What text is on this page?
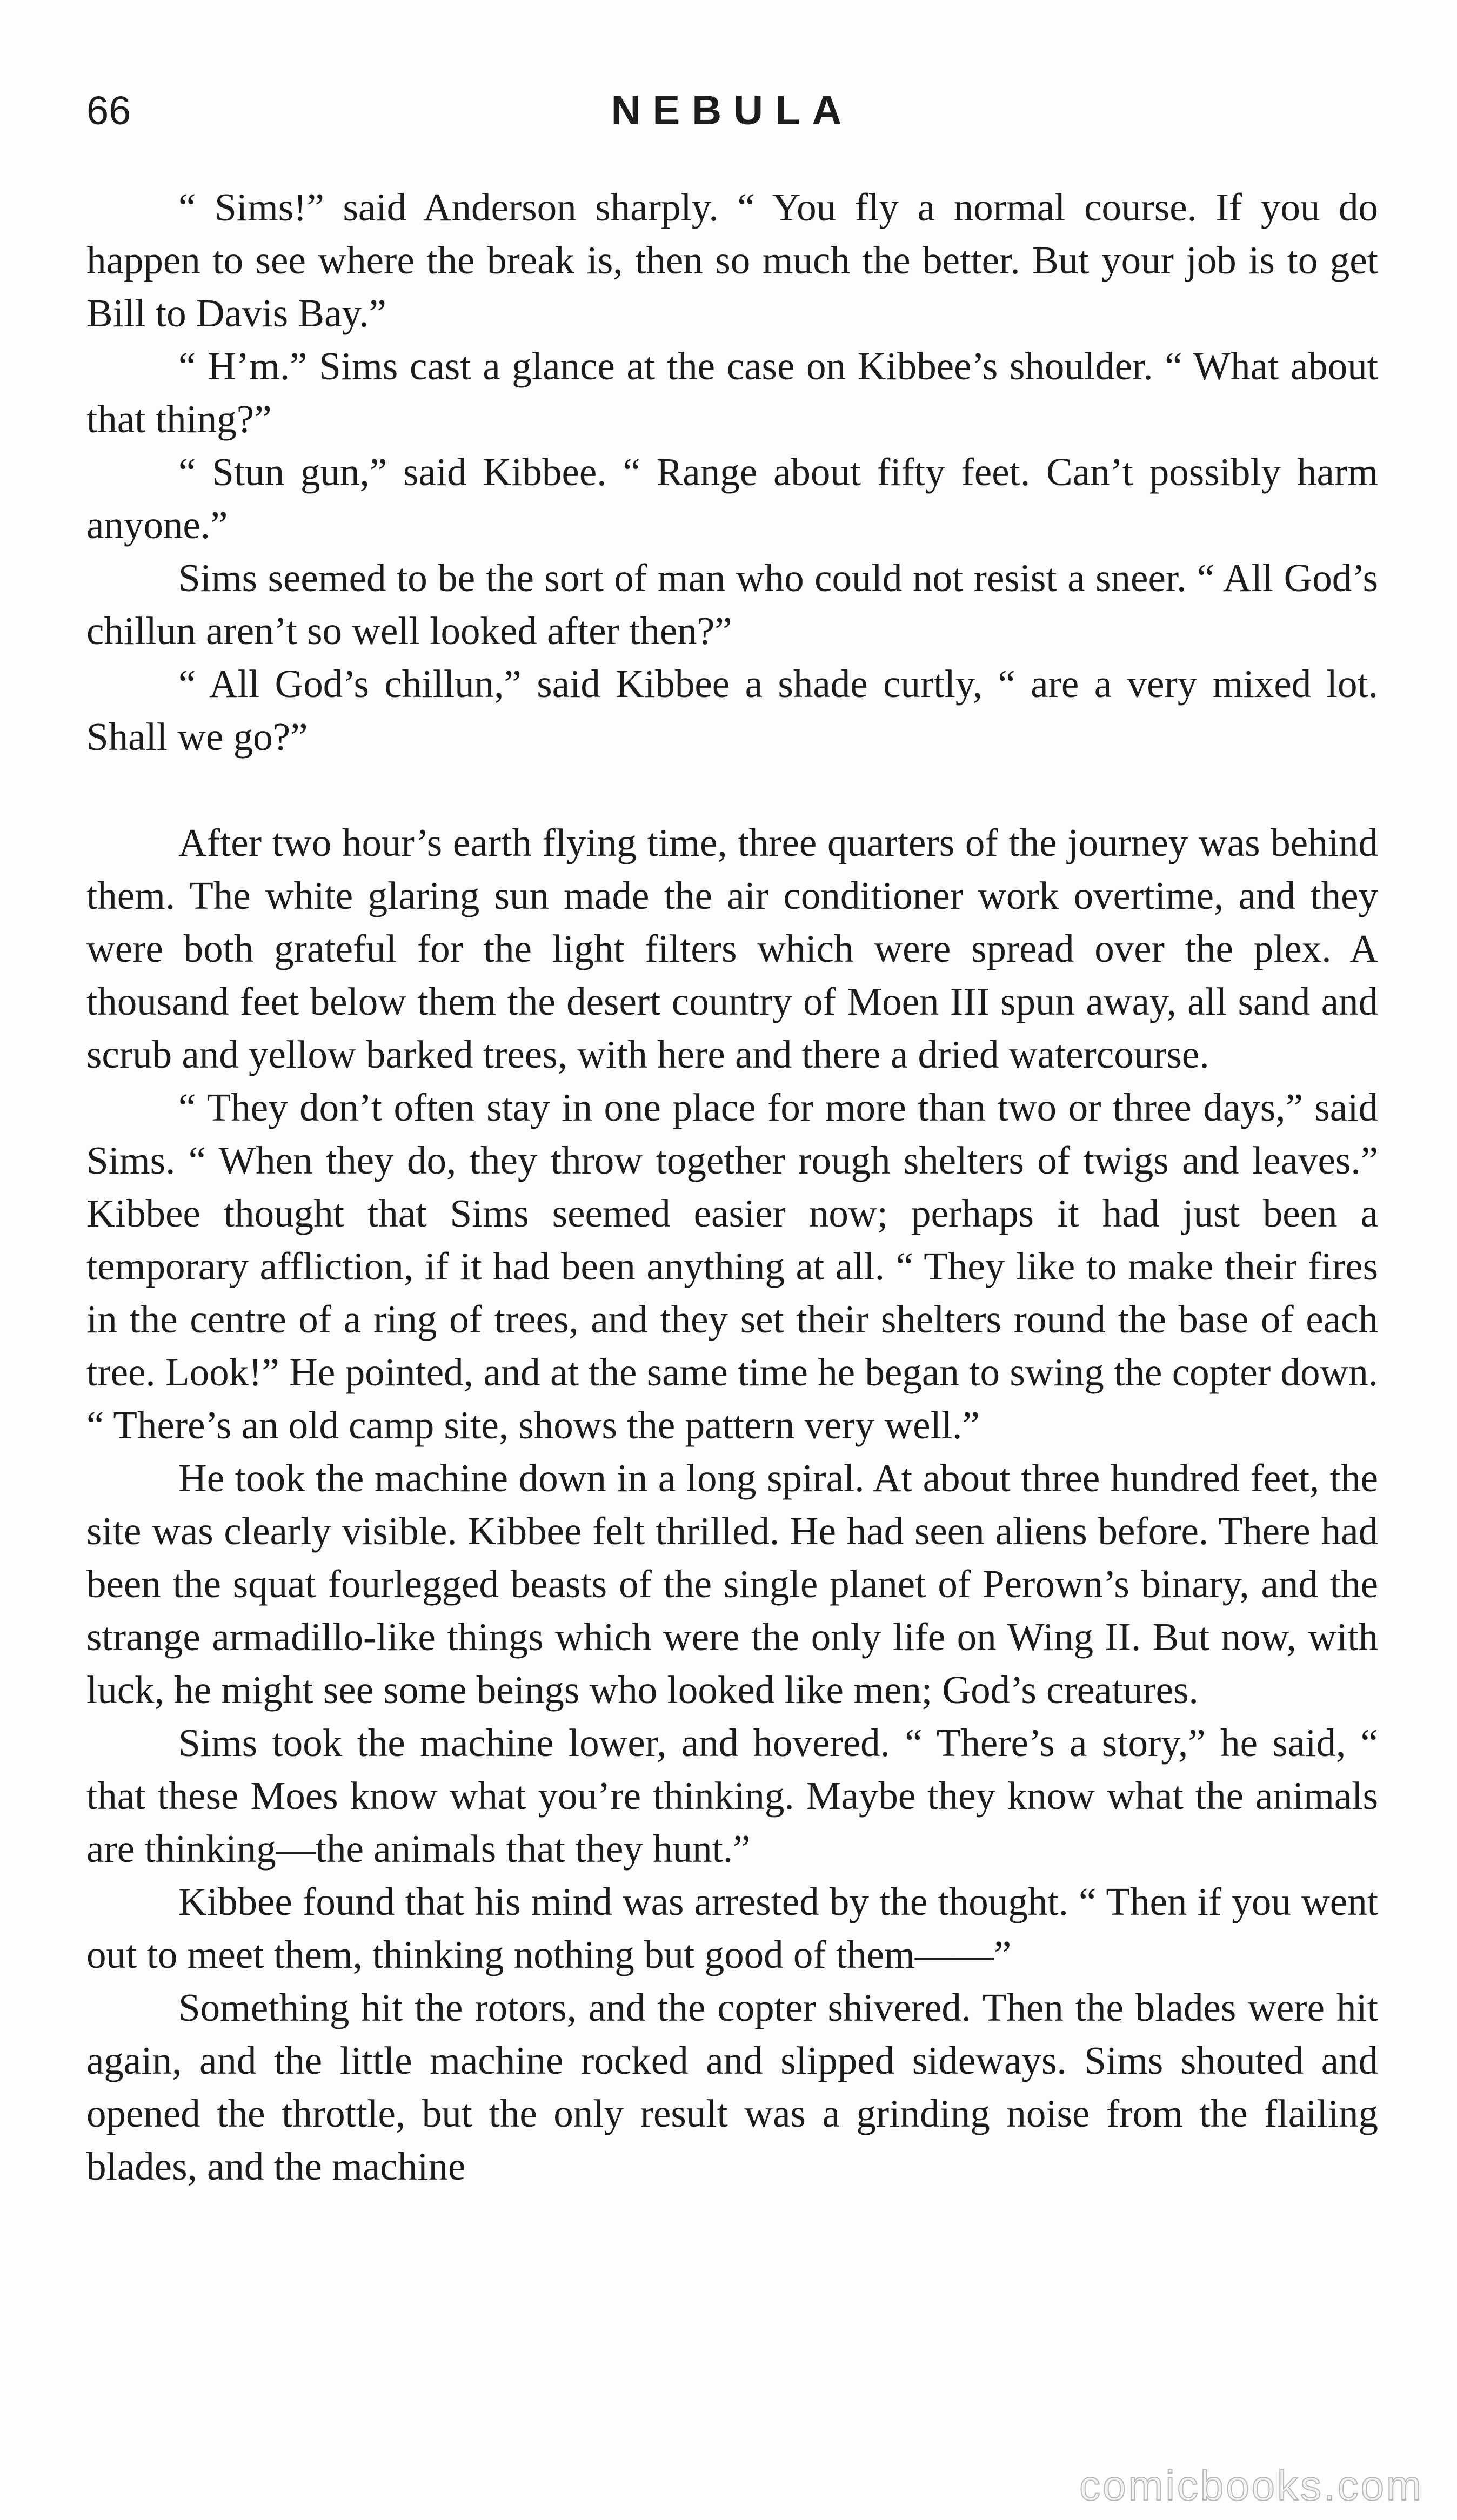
66	NEBULA

“ Sims!” said Anderson sharply. “ You fly a normal course. If you do happen to see where the break is, then so much the better. But your job is to get Bill to Davis Bay.”

“ H’m.” Sims cast a glance at the case on Kibbee’s shoulder. “ What about that thing?”

“ Stun gun,” said Kibbee. “ Range about fifty feet. Can’t possibly harm anyone.”

Sims seemed to be the sort of man who could not resist a sneer. “ All God’s chillun aren’t so well looked after then?”

“ All God’s chillun,” said Kibbee a shade curtly, “ are a very mixed lot. Shall we go?”

After two hour’s earth flying time, three quarters of the journey was behind them. The white glaring sun made the air conditioner work overtime, and they were both grateful for the light filters which were spread over the plex. A thousand feet below them the desert country of Moen III spun away, all sand and scrub and yellow barked trees, with here and there a dried watercourse.

“ They don’t often stay in one place for more than two or three days,” said Sims. “ When they do, they throw together rough shelters of twigs and leaves.” Kibbee thought that Sims seemed easier now; perhaps it had just been a temporary affliction, if it had been anything at all. “ They like to make their fires in the centre of a ring of trees, and they set their shelters round the base of each tree. Look!” He pointed, and at the same time he began to swing the copter down. “ There’s an old camp site, shows the pattern very well.”

He took the machine down in a long spiral. At about three hundred feet, the site was clearly visible. Kibbee felt thrilled. He had seen aliens before. There had been the squat fourlegged beasts of the single planet of Perown’s binary, and the strange armadillo-like things which were the only life on Wing II. But now, with luck, he might see some beings who looked like men; God’s creatures.

Sims took the machine lower, and hovered. “ There’s a story,” he said, “ that these Moes know what you’re thinking. Maybe they know what the animals are thinking—the animals that they hunt.”

Kibbee found that his mind was arrested by the thought. “ Then if you went out to meet them, thinking nothing but good of them——”

Something hit the rotors, and the copter shivered. Then the blades were hit again, and the little machine rocked and slipped sideways. Sims shouted and opened the throttle, but the only result was a grinding noise from the flailing blades, and the machine

comicbooks.com
